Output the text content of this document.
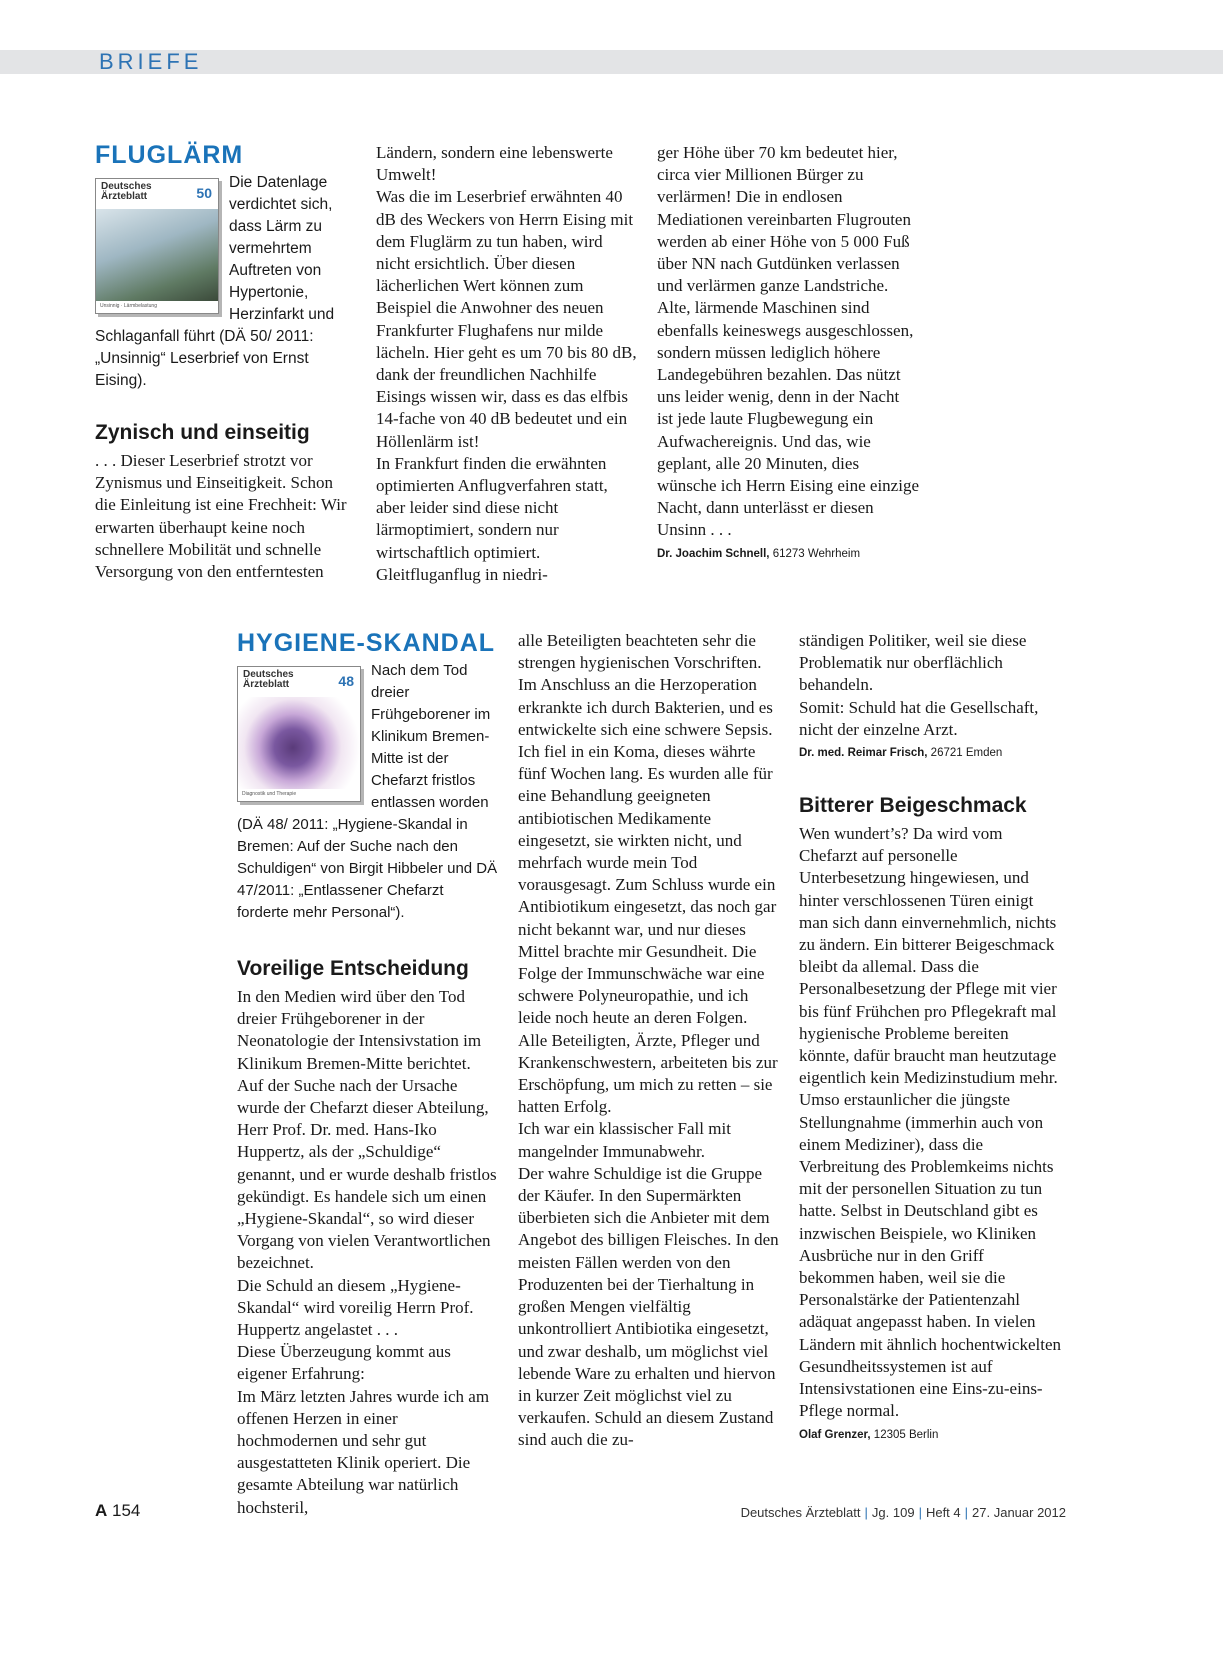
BRIEFE
FLUGLÄRM
Deutsches Ärzteblatt	50
Unsinnig · Lärmbelastung

Die Datenlage verdichtet sich, dass Lärm zu vermehrtem Auftreten von Hypertonie, Herzinfarkt und Schlaganfall führt (DÄ 50/ 2011: „Unsinnig“ Leserbrief von Ernst Eising).

Zynisch und einseitig

. . . Dieser Leserbrief strotzt vor Zynismus und Einseitigkeit. Schon die Einleitung ist eine Frechheit: Wir erwarten überhaupt keine noch schnellere Mobilität und schnelle Versorgung von den entferntesten

Ländern, sondern eine lebenswerte Umwelt!
Was die im Leserbrief erwähnten 40 dB des Weckers von Herrn Eising mit dem Fluglärm zu tun haben, wird nicht ersichtlich. Über diesen lächerlichen Wert können zum Beispiel die Anwohner des neuen Frankfurter Flughafens nur milde lächeln. Hier geht es um 70 bis 80 dB, dank der freundlichen Nachhilfe Eisings wissen wir, dass es das elfbis 14-fache von 40 dB bedeutet und ein Höllenlärm ist!
In Frankfurt finden die erwähnten optimierten Anflugverfahren statt, aber leider sind diese nicht lärmoptimiert, sondern nur wirtschaftlich optimiert. Gleitfluganflug in niedri-

ger Höhe über 70 km bedeutet hier, circa vier Millionen Bürger zu verlärmen! Die in endlosen Mediationen vereinbarten Flugrouten werden ab einer Höhe von 5 000 Fuß über NN nach Gutdünken verlassen und verlärmen ganze Landstriche. Alte, lärmende Maschinen sind ebenfalls keineswegs ausgeschlossen, sondern müssen lediglich höhere Landegebühren bezahlen. Das nützt uns leider wenig, denn in der Nacht ist jede laute Flugbewegung ein Aufwachereignis. Und das, wie geplant, alle 20 Minuten, dies wünsche ich Herrn Eising eine einzige Nacht, dann unterlässt er diesen Unsinn . . .

Dr. Joachim Schnell, 61273 Wehrheim
HYGIENE-SKANDAL
Deutsches Ärzteblatt	48
Diagnostik und Therapie

Nach dem Tod dreier Frühgeborener im Klinikum Bremen-Mitte ist der Chefarzt fristlos entlassen worden (DÄ 48/ 2011: „Hygiene-Skandal in Bremen: Auf der Suche nach den Schuldigen“ von Birgit Hibbeler und DÄ 47/2011: „Entlassener Chefarzt forderte mehr Personal“).

Voreilige Entscheidung

In den Medien wird über den Tod dreier Frühgeborener in der Neonatologie der Intensivstation im Klinikum Bremen-Mitte berichtet.
Auf der Suche nach der Ursache wurde der Chefarzt dieser Abteilung, Herr Prof. Dr. med. Hans-Iko Huppertz, als der „Schuldige“ genannt, und er wurde deshalb fristlos gekündigt. Es handele sich um einen „Hygiene-Skandal“, so wird dieser Vorgang von vielen Verantwortlichen bezeichnet.
Die Schuld an diesem „Hygiene-Skandal“ wird voreilig Herrn Prof. Huppertz angelastet . . .
Diese Überzeugung kommt aus eigener Erfahrung:
Im März letzten Jahres wurde ich am offenen Herzen in einer hochmodernen und sehr gut ausgestatteten Klinik operiert. Die gesamte Abteilung war natürlich hochsteril,

alle Beteiligten beachteten sehr die strengen hygienischen Vorschriften. Im Anschluss an die Herzoperation erkrankte ich durch Bakterien, und es entwickelte sich eine schwere Sepsis. Ich fiel in ein Koma, dieses währte fünf Wochen lang. Es wurden alle für eine Behandlung geeigneten antibiotischen Medikamente eingesetzt, sie wirkten nicht, und mehrfach wurde mein Tod vorausgesagt. Zum Schluss wurde ein Antibiotikum eingesetzt, das noch gar nicht bekannt war, und nur dieses Mittel brachte mir Gesundheit. Die Folge der Immunschwäche war eine schwere Polyneuropathie, und ich leide noch heute an deren Folgen.
Alle Beteiligten, Ärzte, Pfleger und Krankenschwestern, arbeiteten bis zur Erschöpfung, um mich zu retten – sie hatten Erfolg.
Ich war ein klassischer Fall mit mangelnder Immunabwehr.
Der wahre Schuldige ist die Gruppe der Käufer. In den Supermärkten überbieten sich die Anbieter mit dem Angebot des billigen Fleisches. In den meisten Fällen werden von den Produzenten bei der Tierhaltung in großen Mengen vielfältig unkontrolliert Antibiotika eingesetzt, und zwar deshalb, um möglichst viel lebende Ware zu erhalten und hiervon in kurzer Zeit möglichst viel zu verkaufen. Schuld an diesem Zustand sind auch die zu-

ständigen Politiker, weil sie diese Problematik nur oberflächlich behandeln.
Somit: Schuld hat die Gesellschaft, nicht der einzelne Arzt.

Dr. med. Reimar Frisch, 26721 Emden
Bitterer Beigeschmack

Wen wundert’s? Da wird vom Chefarzt auf personelle Unterbesetzung hingewiesen, und hinter verschlossenen Türen einigt man sich dann einvernehmlich, nichts zu ändern. Ein bitterer Beigeschmack bleibt da allemal. Dass die Personalbesetzung der Pflege mit vier bis fünf Frühchen pro Pflegekraft mal hygienische Probleme bereiten könnte, dafür braucht man heutzutage eigentlich kein Medizinstudium mehr. Umso erstaunlicher die jüngste Stellungnahme (immerhin auch von einem Mediziner), dass die Verbreitung des Problemkeims nichts mit der personellen Situation zu tun hatte. Selbst in Deutschland gibt es inzwischen Beispiele, wo Kliniken Ausbrüche nur in den Griff bekommen haben, weil sie die Personalstärke der Patientenzahl adäquat angepasst haben. In vielen Ländern mit ähnlich hochentwickelten Gesundheitssystemen ist auf Intensivstationen eine Eins-zu-eins-Pflege normal.

Olaf Grenzer, 12305 Berlin
A 154	Deutsches Ärzteblatt | Jg. 109 | Heft 4 | 27. Januar 2012
